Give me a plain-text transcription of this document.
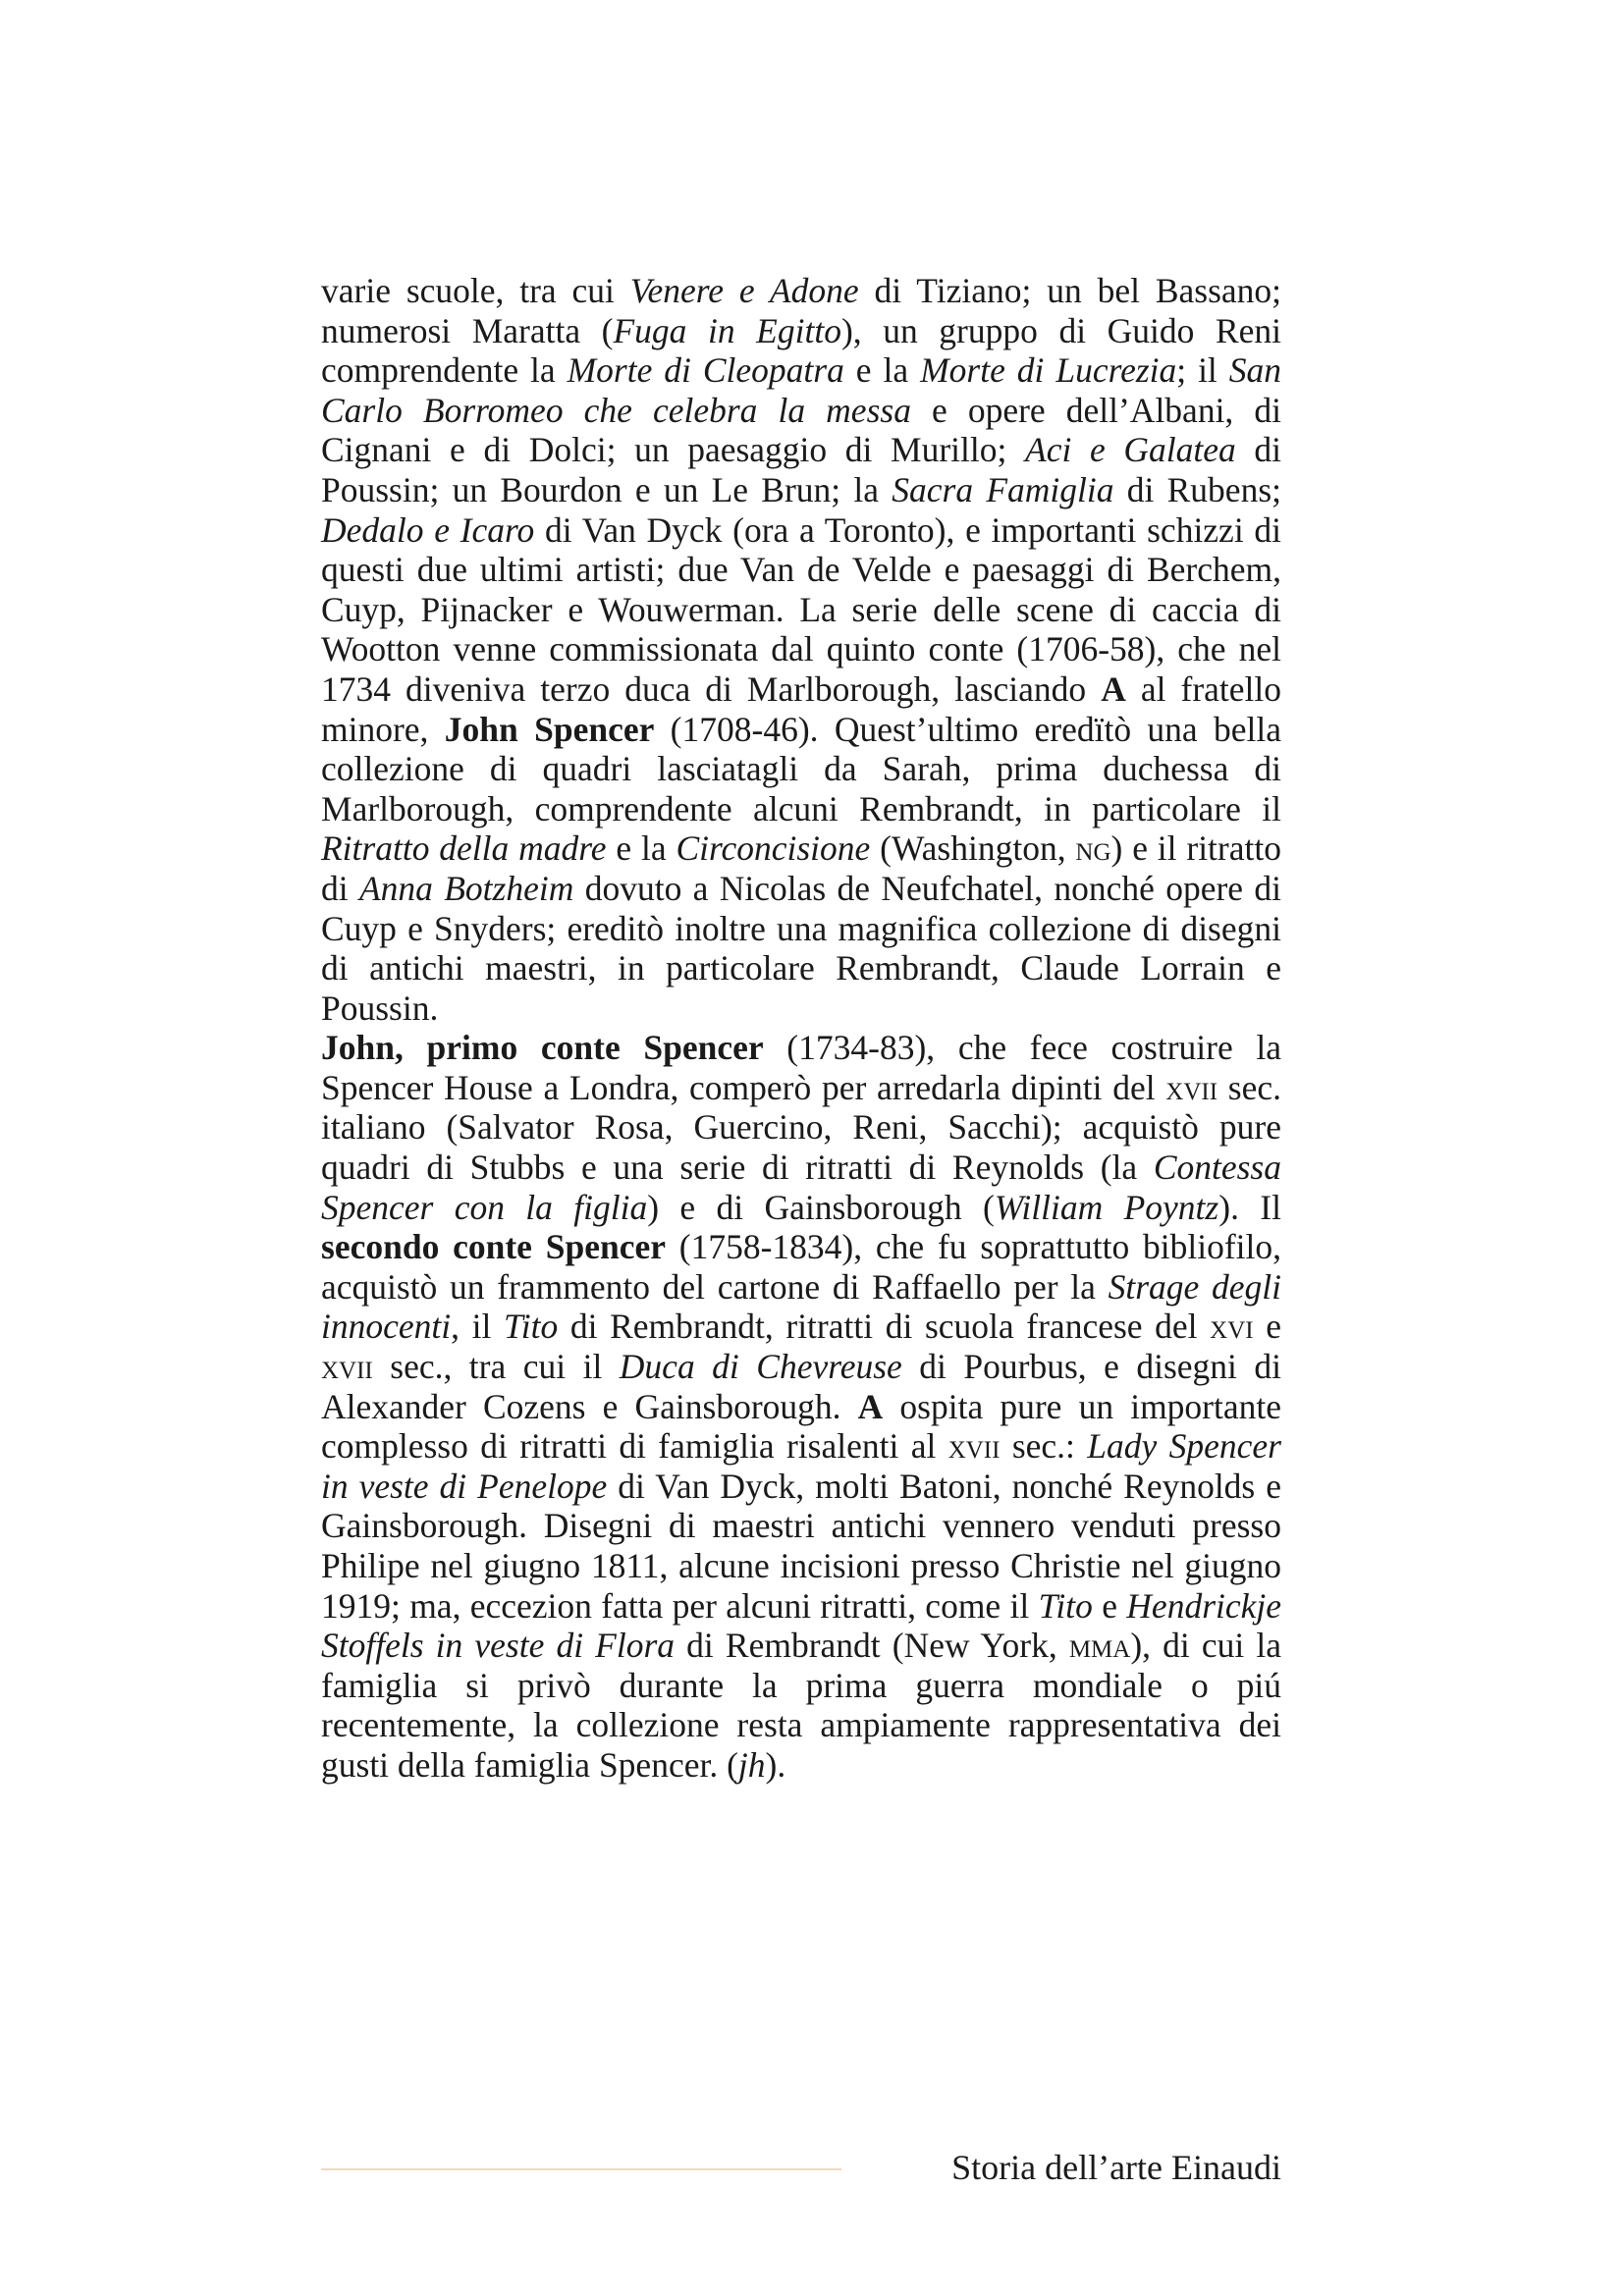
varie scuole, tra cui Venere e Adone di Tiziano; un bel Bassano; numerosi Maratta (Fuga in Egitto), un gruppo di Guido Reni comprendente la Morte di Cleopatra e la Morte di Lucrezia; il San Carlo Borromeo che celebra la messa e opere dell’Albani, di Cignani e di Dolci; un paesaggio di Murillo; Aci e Galatea di Poussin; un Bourdon e un Le Brun; la Sacra Famiglia di Rubens; Dedalo e Icaro di Van Dyck (ora a Toronto), e importanti schizzi di questi due ultimi artisti; due Van de Velde e paesaggi di Berchem, Cuyp, Pijnacker e Wouwerman. La serie delle scene di caccia di Wootton venne commissionata dal quinto conte (1706-58), che nel 1734 diveniva terzo duca di Marlborough, lasciando A al fratello minore, John Spencer (1708-46). Quest’ultimo eredïtò una bella collezione di quadri lasciatagli da Sarah, prima duchessa di Marlborough, comprendente alcuni Rembrandt, in particolare il Ritratto della madre e la Circoncisione (Washington, ng) e il ritratto di Anna Botzheim dovuto a Nicolas de Neufchatel, nonché opere di Cuyp e Snyders; ereditò inoltre una magnifica collezione di disegni di antichi maestri, in particolare Rembrandt, Claude Lorrain e Poussin.

John, primo conte Spencer (1734-83), che fece costruire la Spencer House a Londra, comperò per arredarla dipinti del xvii sec. italiano (Salvator Rosa, Guercino, Reni, Sacchi); acquistò pure quadri di Stubbs e una serie di ritratti di Reynolds (la Contessa Spencer con la figlia) e di Gainsborough (William Poyntz). Il secondo conte Spencer (1758-1834), che fu soprattutto bibliofilo, acquistò un frammento del cartone di Raffaello per la Strage degli innocenti, il Tito di Rembrandt, ritratti di scuola francese del xvi e xvii sec., tra cui il Duca di Chevreuse di Pourbus, e disegni di Alexander Cozens e Gainsborough. A ospita pure un importante complesso di ritratti di famiglia risalenti al xvii sec.: Lady Spencer in veste di Penelope di Van Dyck, molti Batoni, nonché Reynolds e Gainsborough. Disegni di maestri antichi vennero venduti presso Philipe nel giugno 1811, alcune incisioni presso Christie nel giugno 1919; ma, eccezion fatta per alcuni ritratti, come il Tito e Hendrickje Stoffels in veste di Flora di Rembrandt (New York, mma), di cui la famiglia si privò durante la prima guerra mondiale o piú recentemente, la collezione resta ampiamente rappresentativa dei gusti della famiglia Spencer. (jh).

Storia dell’arte Einaudi
